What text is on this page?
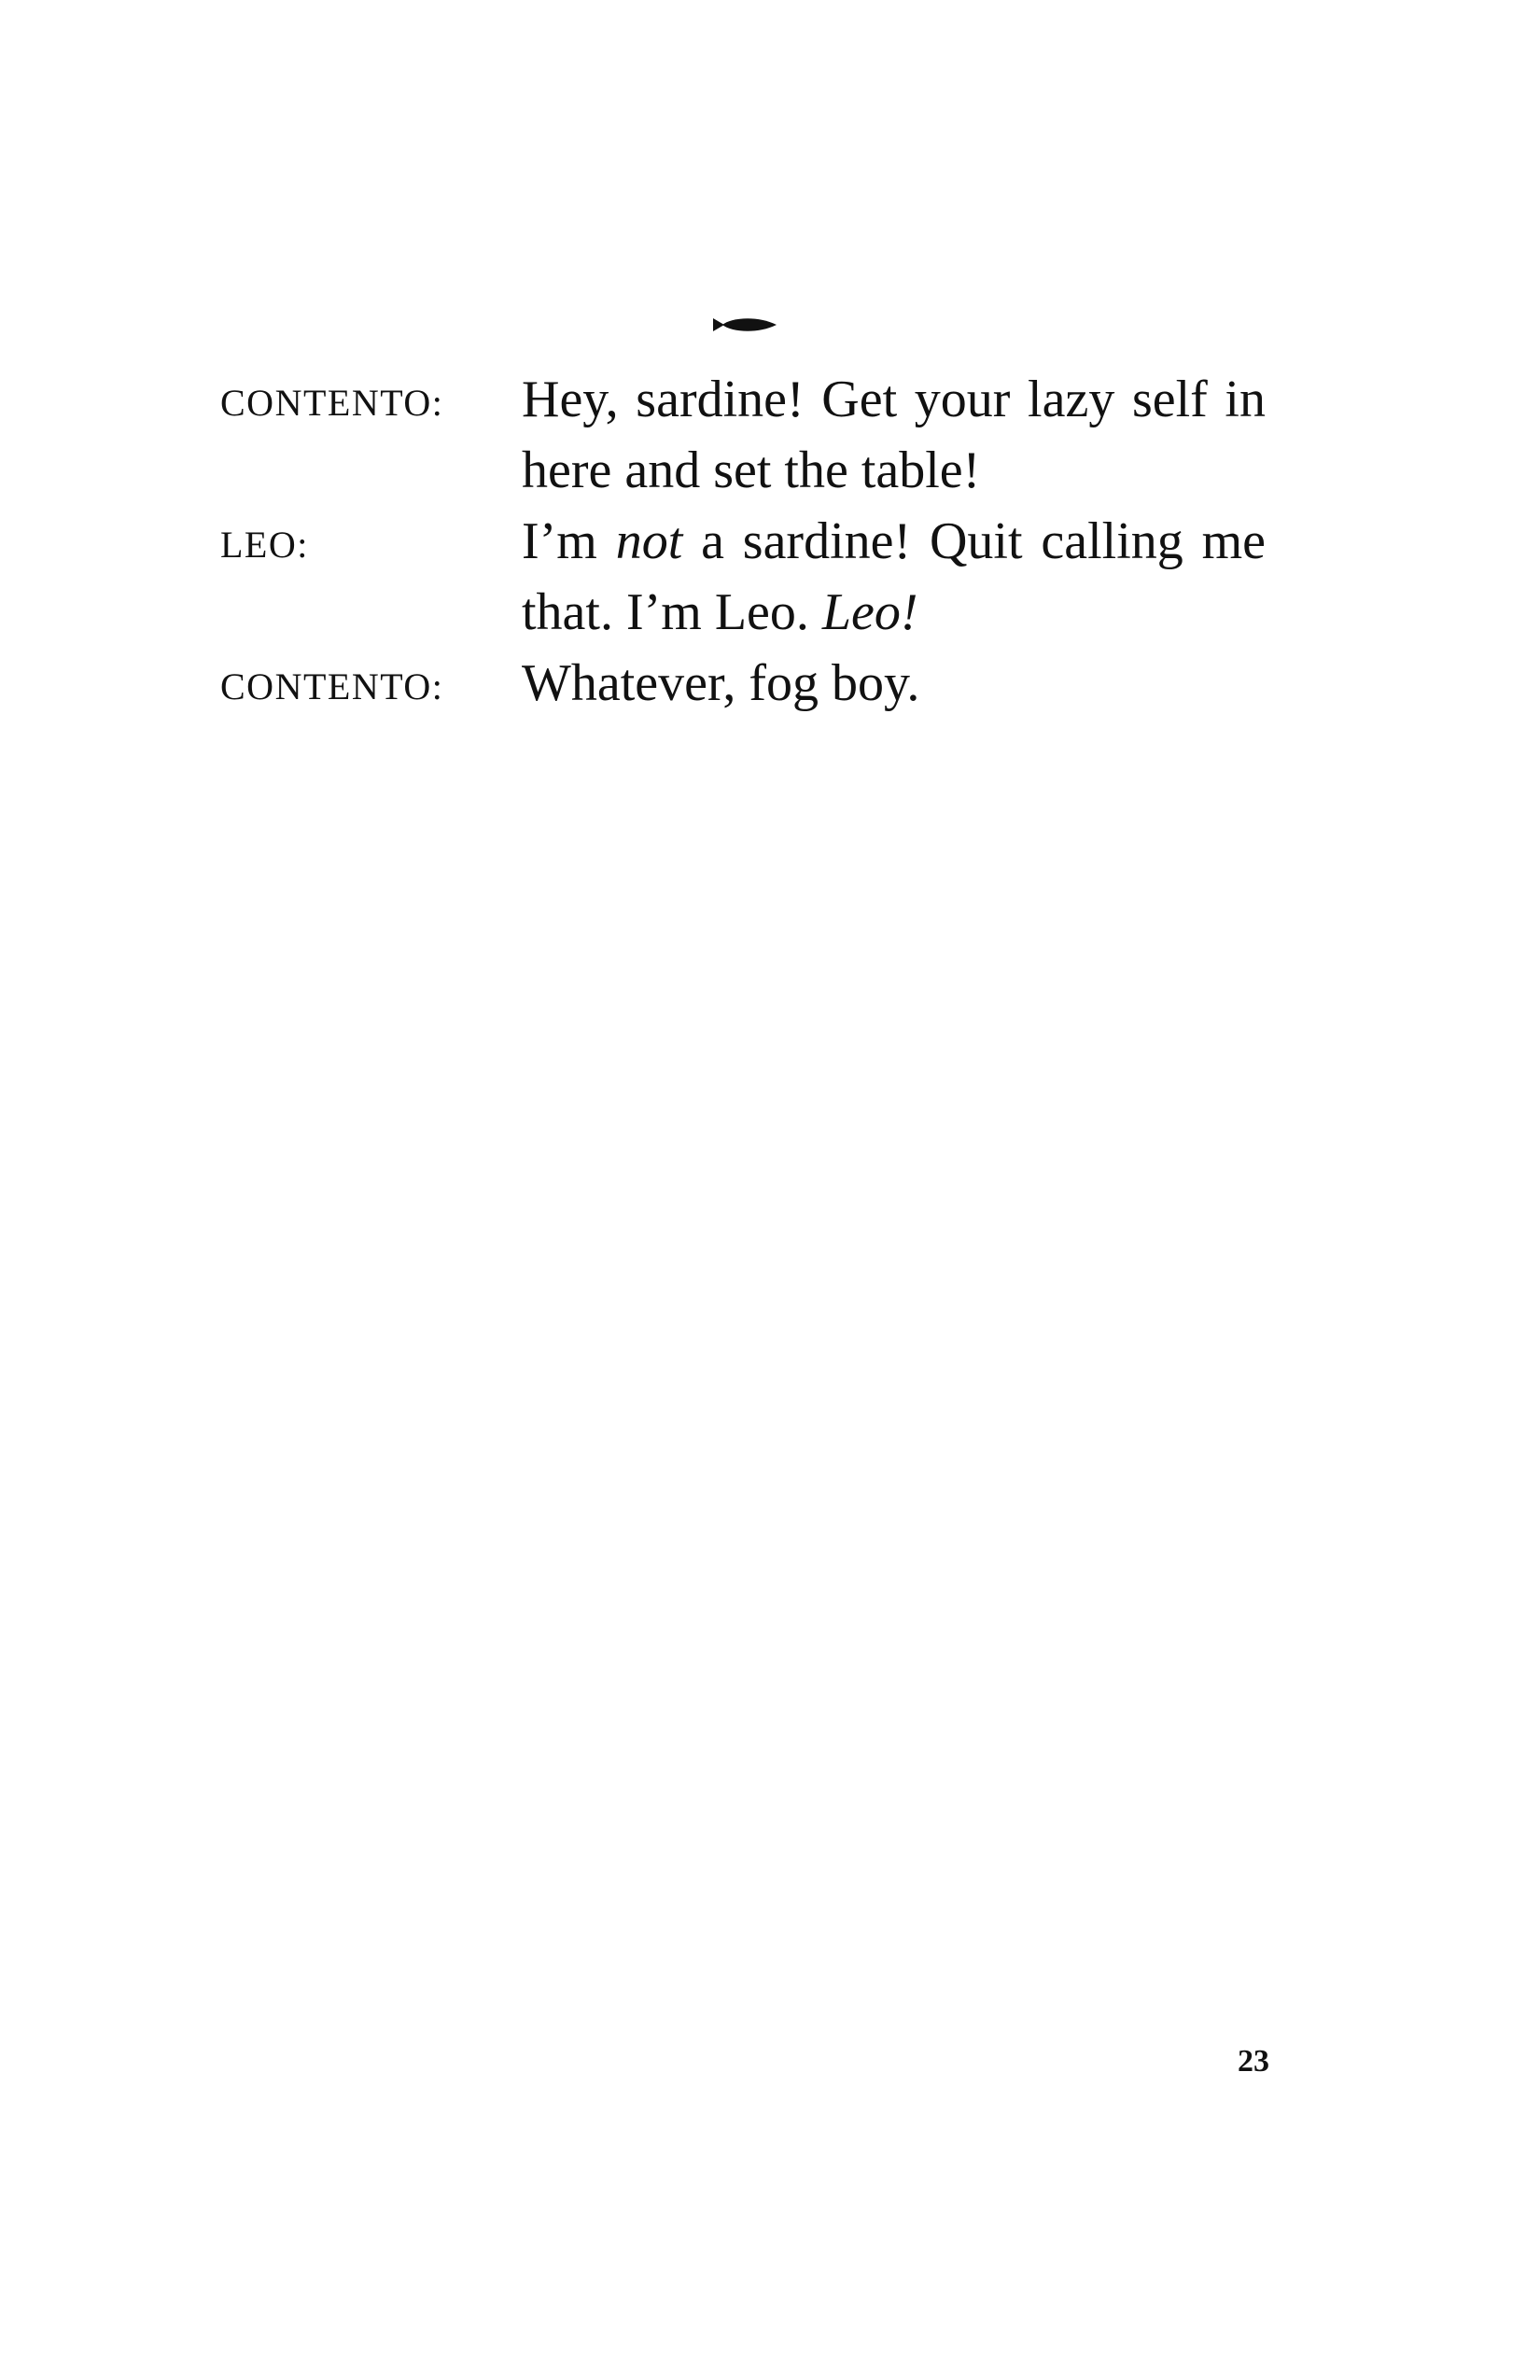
CONTENTO:	Hey, sardine! Get your lazy self in here and set the table!
LEO:	I’m not a sardine! Quit calling me that. I’m Leo. Leo!
CONTENTO:	Whatever, fog boy.
23
